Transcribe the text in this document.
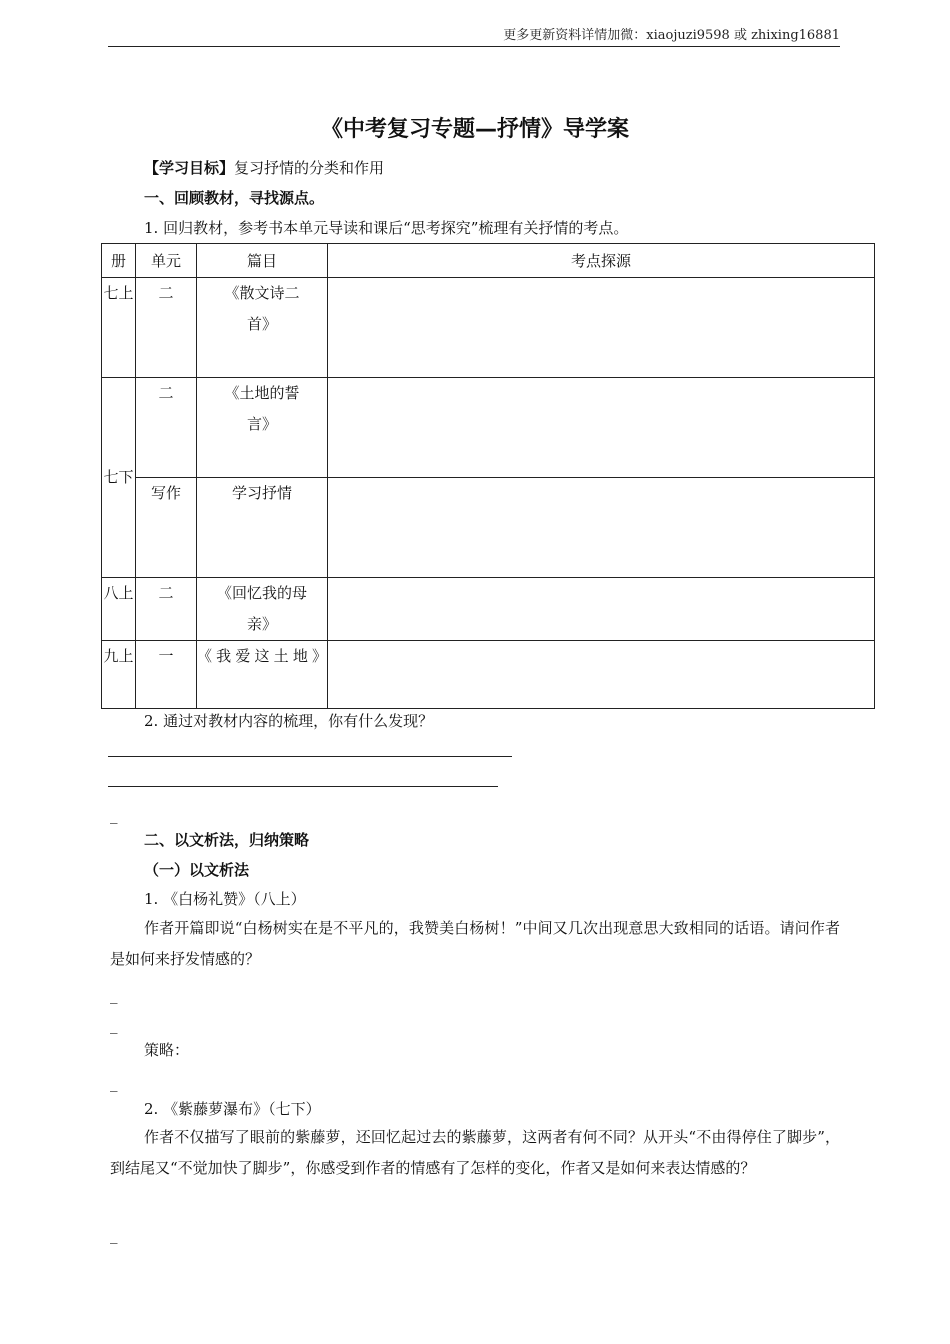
更多更新资料详情加微：xiaojuzi9598 或 zhixing16881
《中考复习专题—抒情》导学案
【学习目标】复习抒情的分类和作用
一、回顾教材，寻找源点。
1. 回归教材，参考书本单元导读和课后“思考探究”梳理有关抒情的考点。
册	单元	篇目	考点探源
七上	二	《散文诗二首》	
七下	二	《土地的誓言》	
	写作	学习抒情	
八上	二	《回忆我的母亲》	
九上	一	《我爱这土地》	
2. 通过对教材内容的梳理，你有什么发现？
_
二、以文析法，归纳策略
（一）以文析法
1. 《白杨礼赞》（八上）
作者开篇即说“白杨树实在是不平凡的，我赞美白杨树！”中间又几次出现意思大致相同的话语。请问作者是如何来抒发情感的？
_
_
策略：
_
2. 《紫藤萝瀑布》（七下）
作者不仅描写了眼前的紫藤萝，还回忆起过去的紫藤萝，这两者有何不同？从开头“不由得停住了脚步”，到结尾又“不觉加快了脚步”，你感受到作者的情感有了怎样的变化，作者又是如何来表达情感的？
_
